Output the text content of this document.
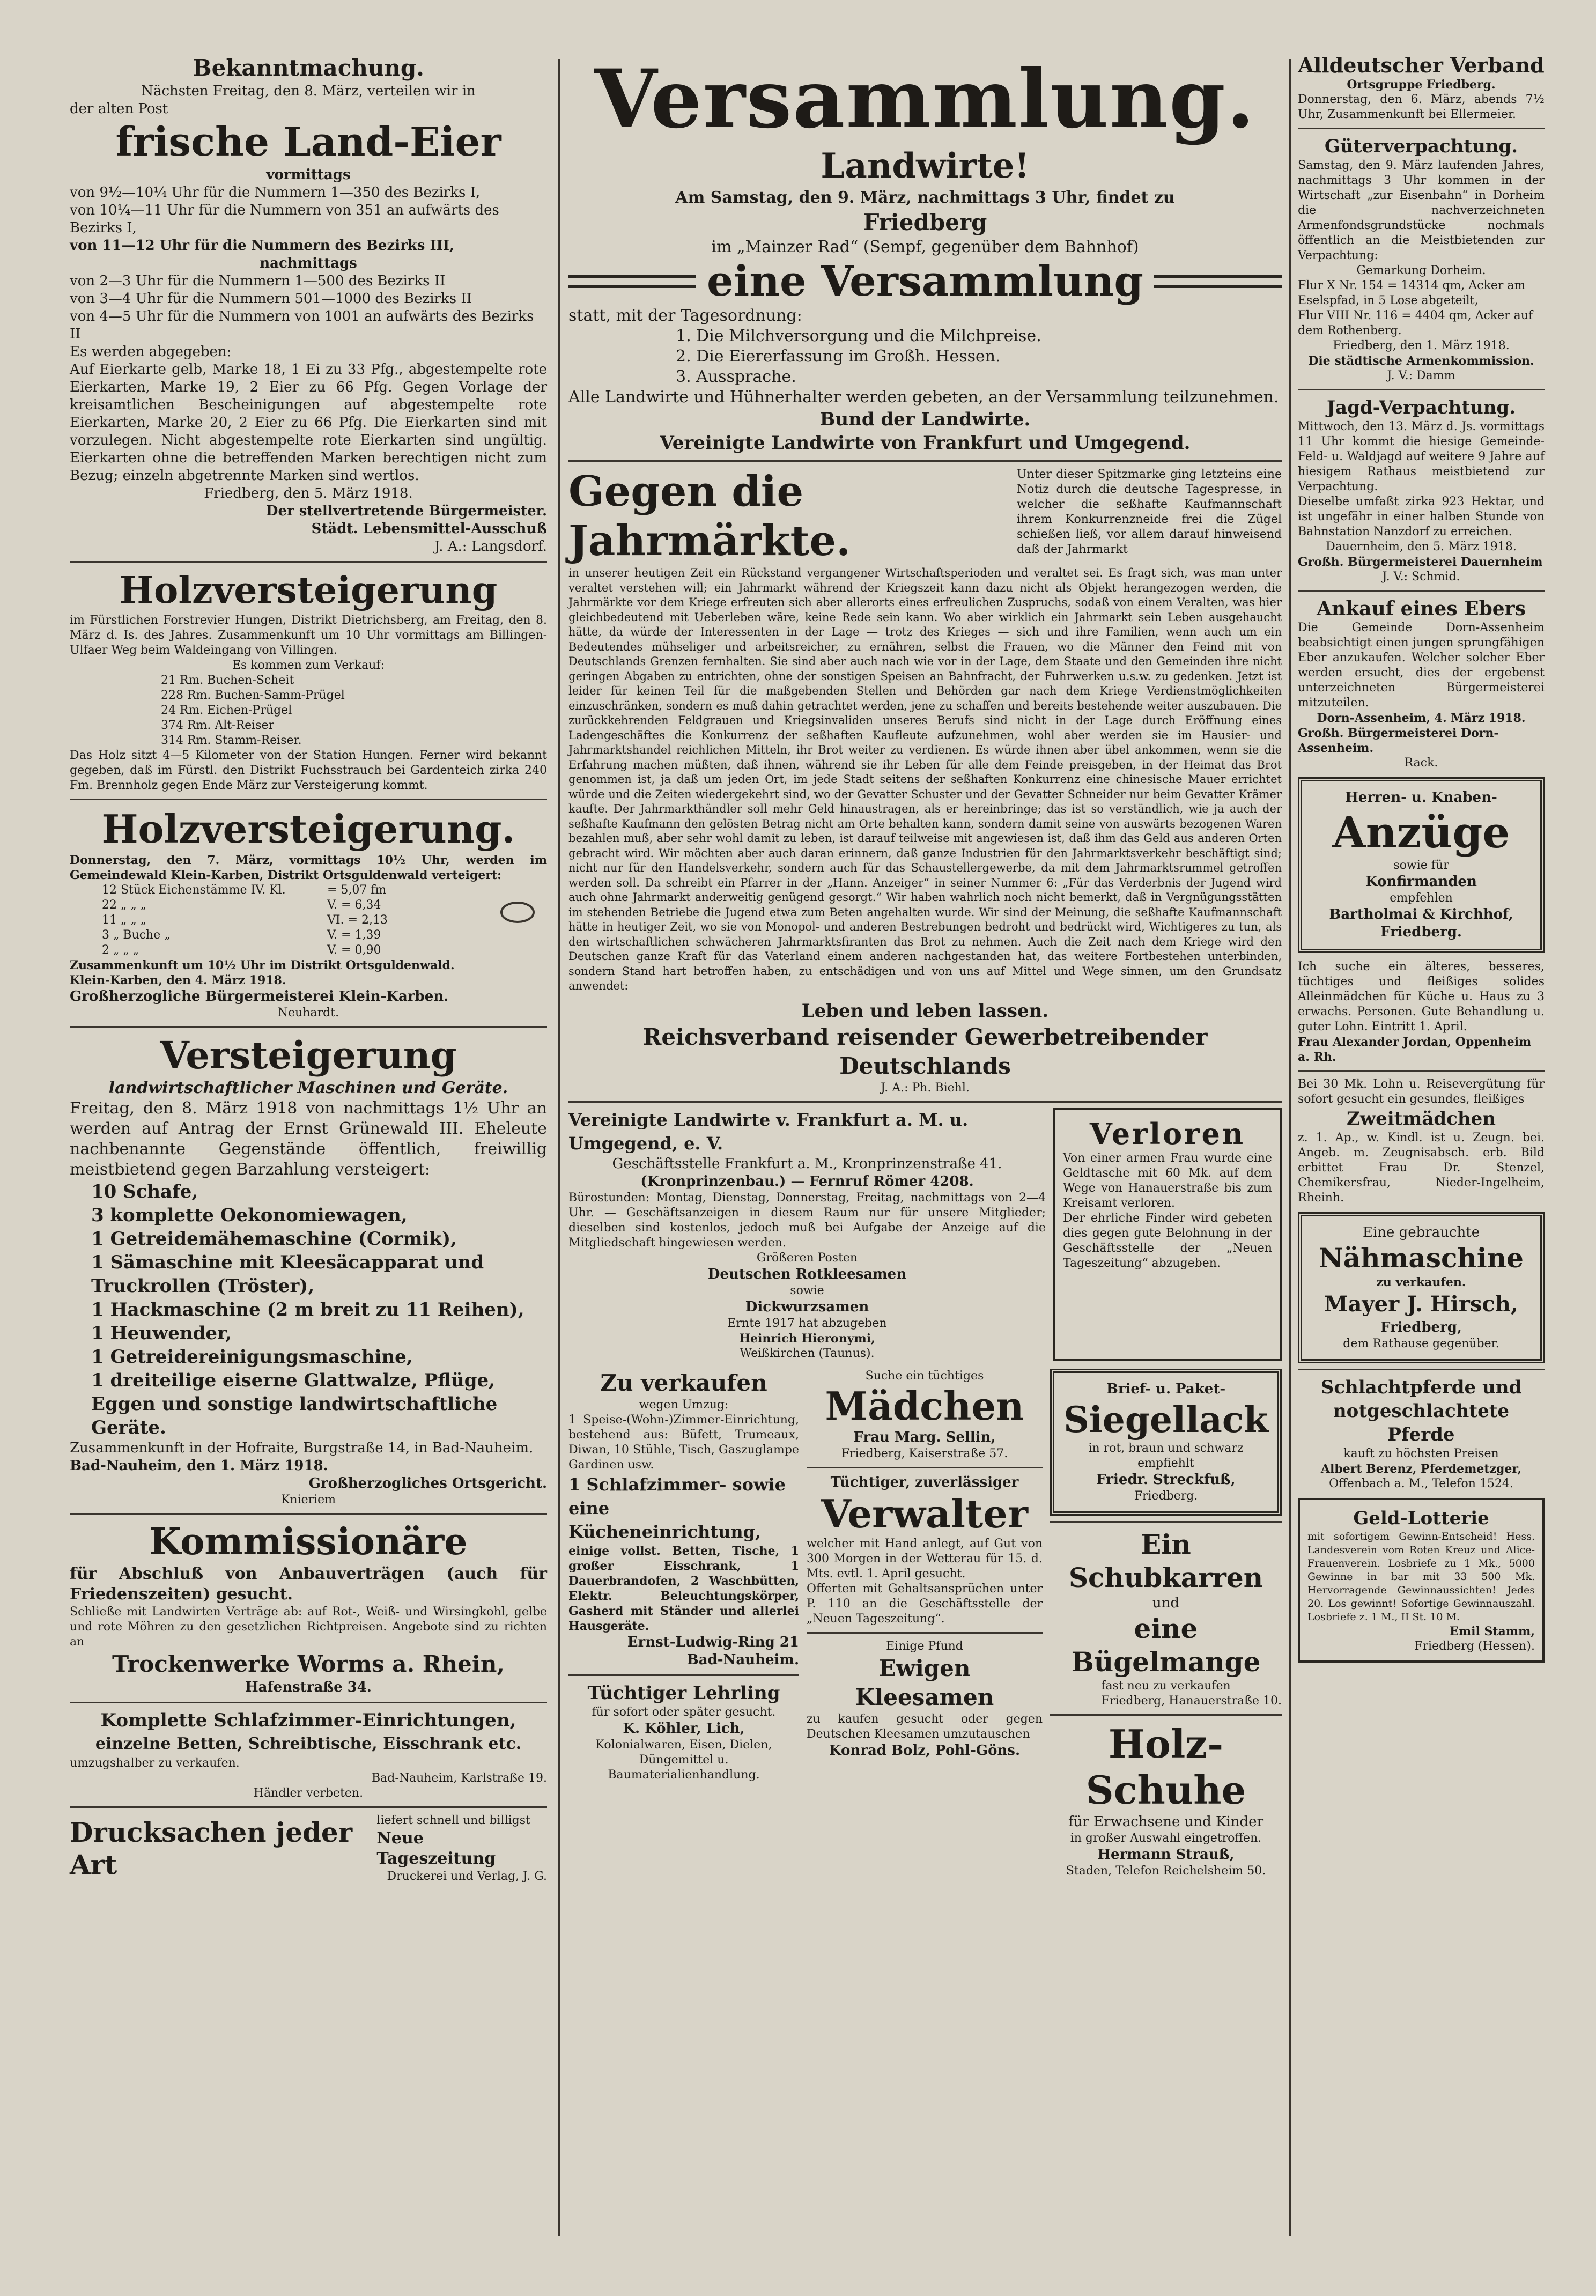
Bekanntmachung.

Nächsten Freitag, den 8. März, verteilen wir in

der alten Post

frische Land-Eier

vormittags

von 9½—10¼ Uhr für die Nummern 1—350 des Bezirks I,

von 10¼—11 Uhr für die Nummern von 351 an aufwärts des Bezirks I,

von 11—12 Uhr für die Nummern des Bezirks III,

nachmittags

von 2—3 Uhr für die Nummern 1—500 des Bezirks II

von 3—4 Uhr für die Nummern 501—1000 des Bezirks II

von 4—5 Uhr für die Nummern von 1001 an aufwärts des Bezirks II

Es werden abgegeben:

Auf Eierkarte gelb, Marke 18, 1 Ei zu 33 Pfg., abgestempelte rote Eierkarten, Marke 19, 2 Eier zu 66 Pfg. Gegen Vorlage der kreisamtlichen Bescheinigungen auf abgestempelte rote Eierkarten, Marke 20, 2 Eier zu 66 Pfg. Die Eierkarten sind mit vorzulegen. Nicht abgestempelte rote Eierkarten sind ungültig. Eierkarten ohne die betreffenden Marken berechtigen nicht zum Bezug; einzeln abgetrennte Marken sind wertlos.

Friedberg, den 5. März 1918.

Der stellvertretende Bürgermeister.

Städt. Lebensmittel-Ausschuß

J. A.: Langsdorf.

Holzversteigerung

im Fürstlichen Forstrevier Hungen, Distrikt Dietrichsberg, am Freitag, den 8. März d. Is. des Jahres. Zusammenkunft um 10 Uhr vormittags am Billingen-Ulfaer Weg beim Waldeingang von Villingen.

Es kommen zum Verkauf:

21 Rm. Buchen-Scheit

228 Rm. Buchen-Samm-Prügel

24 Rm. Eichen-Prügel

374 Rm. Alt-Reiser

314 Rm. Stamm-Reiser.

Das Holz sitzt 4—5 Kilometer von der Station Hungen. Ferner wird bekannt gegeben, daß im Fürstl. den Distrikt Fuchsstrauch bei Gardenteich zirka 240 Fm. Brennholz gegen Ende März zur Versteigerung kommt.

Holzversteigerung.

Donnerstag, den 7. März, vormittags 10½ Uhr, werden im Gemeindewald Klein-Karben, Distrikt Ortsguldenwald verteigert:

12 Stück Eichenstämme IV. Kl.	= 5,07 fm
22 „ „ „	V. = 6,34
11 „ „ „	VI. = 2,13
3 „ Buche „	V. = 1,39
2 „ „ „	V. = 0,90

Zusammenkunft um 10½ Uhr im Distrikt Ortsguldenwald.

Klein-Karben, den 4. März 1918.

Großherzogliche Bürgermeisterei Klein-Karben.

Neuhardt.

Versteigerung

landwirtschaftlicher Maschinen und Geräte.

Freitag, den 8. März 1918 von nachmittags 1½ Uhr an werden auf Antrag der Ernst Grünewald III. Eheleute nachbenannte Gegenstände öffentlich, freiwillig meistbietend gegen Barzahlung versteigert:

10 Schafe,

3 komplette Oekonomiewagen,

1 Getreidemähemaschine (Cormik),

1 Sämaschine mit Kleesäcapparat und Truckrollen (Tröster),

1 Hackmaschine (2 m breit zu 11 Reihen),

1 Heuwender,

1 Getreidereinigungsmaschine,

1 dreiteilige eiserne Glattwalze, Pflüge, Eggen und sonstige landwirtschaftliche Geräte.

Zusammenkunft in der Hofraite, Burgstraße 14, in Bad-Nauheim.

Bad-Nauheim, den 1. März 1918.

Großherzogliches Ortsgericht.

Knieriem

Kommissionäre

für Abschluß von Anbauverträgen (auch für Friedenszeiten) gesucht.

Schließe mit Landwirten Verträge ab: auf Rot-, Weiß- und Wirsingkohl, gelbe und rote Möhren zu den gesetzlichen Richtpreisen. Angebote sind zu richten an

Trockenwerke Worms a. Rhein,

Hafenstraße 34.

Komplette Schlafzimmer-Einrichtungen,

einzelne Betten, Schreibtische, Eisschrank etc.

umzugshalber zu verkaufen.

Bad-Nauheim, Karlstraße 19.

Händler verbeten.

Drucksachen jeder Art

liefert schnell und billigst

Neue Tageszeitung

Druckerei und Verlag, J. G.

Versammlung.

Landwirte!

Am Samstag, den 9. März, nachmittags 3 Uhr, findet zu

Friedberg

im „Mainzer Rad“ (Sempf, gegenüber dem Bahnhof)

eine Versammlung

statt, mit der Tagesordnung:

1. Die Milchversorgung und die Milchpreise.

2. Die Eiererfassung im Großh. Hessen.

3. Aussprache.

Alle Landwirte und Hühnerhalter werden gebeten, an der Versammlung teilzunehmen.

Bund der Landwirte.

Vereinigte Landwirte von Frankfurt und Umgegend.

Gegen die Jahrmärkte.

Unter dieser Spitzmarke ging letzteins eine Notiz durch die deutsche Tagespresse, in welcher die seßhafte Kaufmannschaft ihrem Konkurrenzneide frei die Zügel schießen ließ, vor allem darauf hinweisend daß der Jahrmarkt

in unserer heutigen Zeit ein Rückstand vergangener Wirtschaftsperioden und veraltet sei. Es fragt sich, was man unter veraltet verstehen will; ein Jahrmarkt während der Kriegszeit kann dazu nicht als Objekt herangezogen werden, die Jahrmärkte vor dem Kriege erfreuten sich aber allerorts eines erfreulichen Zuspruchs, sodaß von einem Veralten, was hier gleichbedeutend mit Ueberleben wäre, keine Rede sein kann. Wo aber wirklich ein Jahrmarkt sein Leben ausgehaucht hätte, da würde der Interessenten in der Lage — trotz des Krieges — sich und ihre Familien, wenn auch um ein Bedeutendes mühseliger und arbeitsreicher, zu ernähren, selbst die Frauen, wo die Männer den Feind mit von Deutschlands Grenzen fernhalten. Sie sind aber auch nach wie vor in der Lage, dem Staate und den Gemeinden ihre nicht geringen Abgaben zu entrichten, ohne der sonstigen Speisen an Bahnfracht, der Fuhrwerken u.s.w. zu gedenken. Jetzt ist leider für keinen Teil für die maßgebenden Stellen und Behörden gar nach dem Kriege Verdienstmöglichkeiten einzuschränken, sondern es muß dahin getrachtet werden, jene zu schaffen und bereits bestehende weiter auszubauen. Die zurückkehrenden Feldgrauen und Kriegsinvaliden unseres Berufs sind nicht in der Lage durch Eröffnung eines Ladengeschäftes die Konkurrenz der seßhaften Kaufleute aufzunehmen, wohl aber werden sie im Hausier- und Jahrmarktshandel reichlichen Mitteln, ihr Brot weiter zu verdienen. Es würde ihnen aber übel ankommen, wenn sie die Erfahrung machen müßten, daß ihnen, während sie ihr Leben für alle dem Feinde preisgeben, in der Heimat das Brot genommen ist, ja daß um jeden Ort, im jede Stadt seitens der seßhaften Konkurrenz eine chinesische Mauer errichtet würde und die Zeiten wiedergekehrt sind, wo der Gevatter Schuster und der Gevatter Schneider nur beim Gevatter Krämer kaufte. Der Jahrmarkthändler soll mehr Geld hinaustragen, als er hereinbringe; das ist so verständlich, wie ja auch der seßhafte Kaufmann den gelösten Betrag nicht am Orte behalten kann, sondern damit seine von auswärts bezogenen Waren bezahlen muß, aber sehr wohl damit zu leben, ist darauf teilweise mit angewiesen ist, daß ihm das Geld aus anderen Orten gebracht wird. Wir möchten aber auch daran erinnern, daß ganze Industrien für den Jahrmarktsverkehr beschäftigt sind; nicht nur für den Handelsverkehr, sondern auch für das Schaustellergewerbe, da mit dem Jahrmarktsrummel getroffen werden soll. Da schreibt ein Pfarrer in der „Hann. Anzeiger“ in seiner Nummer 6: „Für das Verderbnis der Jugend wird auch ohne Jahrmarkt anderweitig genügend gesorgt.“ Wir haben wahrlich noch nicht bemerkt, daß in Vergnügungsstätten im stehenden Betriebe die Jugend etwa zum Beten angehalten wurde. Wir sind der Meinung, die seßhafte Kaufmannschaft hätte in heutiger Zeit, wo sie von Monopol- und anderen Bestrebungen bedroht und bedrückt wird, Wichtigeres zu tun, als den wirtschaftlichen schwächeren Jahrmarktsfiranten das Brot zu nehmen. Auch die Zeit nach dem Kriege wird den Deutschen ganze Kraft für das Vaterland einem anderen nachgestanden hat, das weitere Fortbestehen unterbinden, sondern Stand hart betroffen haben, zu entschädigen und von uns auf Mittel und Wege sinnen, um den Grundsatz anwendet:

Leben und leben lassen.

Reichsverband reisender Gewerbetreibender Deutschlands

J. A.: Ph. Biehl.

Vereinigte Landwirte v. Frankfurt a. M. u. Umgegend, e. V.

Geschäftsstelle Frankfurt a. M., Kronprinzenstraße 41.

(Kronprinzenbau.) — Fernruf Römer 4208.

Bürostunden: Montag, Dienstag, Donnerstag, Freitag, nachmittags von 2—4 Uhr. — Geschäftsanzeigen in diesem Raum nur für unsere Mitglieder; dieselben sind kostenlos, jedoch muß bei Aufgabe der Anzeige auf die Mitgliedschaft hingewiesen werden.

Größeren Posten

Deutschen Rotkleesamen

sowie

Dickwurzsamen

Ernte 1917 hat abzugeben

Heinrich Hieronymi,

Weißkirchen (Taunus).

Verloren

Von einer armen Frau wurde eine Geldtasche mit 60 Mk. auf dem Wege von Hanauerstraße bis zum Kreisamt verloren.

Der ehrliche Finder wird gebeten dies gegen gute Belohnung in der Geschäftsstelle der „Neuen Tageszeitung“ abzugeben.

Zu verkaufen

wegen Umzug:

1 Speise-(Wohn-)Zimmer-Einrichtung, bestehend aus: Büfett, Trumeaux, Diwan, 10 Stühle, Tisch, Gaszuglampe Gardinen usw.

1 Schlafzimmer- sowie eine Kücheneinrichtung,

einige vollst. Betten, Tische, 1 großer Eisschrank, 1 Dauerbrandofen, 2 Waschbütten, Elektr. Beleuchtungskörper, Gasherd mit Ständer und allerlei Hausgeräte.

Ernst-Ludwig-Ring 21

Bad-Nauheim.

Tüchtiger Lehrling

für sofort oder später gesucht.

K. Köhler, Lich,

Kolonialwaren, Eisen, Dielen, Düngemittel u. Baumaterialienhandlung.

Suche ein tüchtiges

Mädchen

Frau Marg. Sellin,

Friedberg, Kaiserstraße 57.

Tüchtiger, zuverlässiger

Verwalter

welcher mit Hand anlegt, auf Gut von 300 Morgen in der Wetterau für 15. d. Mts. evtl. 1. April gesucht.

Offerten mit Gehaltsansprüchen unter P. 110 an die Geschäftsstelle der „Neuen Tageszeitung“.

Einige Pfund

Ewigen Kleesamen

zu kaufen gesucht oder gegen Deutschen Kleesamen umzutauschen

Konrad Bolz, Pohl-Göns.

Brief- u. Paket-

Siegellack

in rot, braun und schwarz empfiehlt

Friedr. Streckfuß,

Friedberg.

Ein Schubkarren

und

eine Bügelmange

fast neu zu verkaufen

Friedberg, Hanauerstraße 10.

Holz-Schuhe

für Erwachsene und Kinder

in großer Auswahl eingetroffen.

Hermann Strauß,

Staden, Telefon Reichelsheim 50.

Alldeutscher Verband

Ortsgruppe Friedberg.

Donnerstag, den 6. März, abends 7½ Uhr, Zusammenkunft bei Ellermeier.

Güterverpachtung.

Samstag, den 9. März laufenden Jahres, nachmittags 3 Uhr kommen in der Wirtschaft „zur Eisenbahn“ in Dorheim die nachverzeichneten Armenfondsgrundstücke nochmals öffentlich an die Meistbietenden zur Verpachtung:

Gemarkung Dorheim.

Flur X Nr. 154 = 14314 qm, Acker am Eselspfad, in 5 Lose abgeteilt,

Flur VIII Nr. 116 = 4404 qm, Acker auf dem Rothenberg.

Friedberg, den 1. März 1918.

Die städtische Armenkommission.

J. V.: Damm

Jagd-Verpachtung.

Mittwoch, den 13. März d. Js. vormittags 11 Uhr kommt die hiesige Gemeinde-Feld- u. Waldjagd auf weitere 9 Jahre auf hiesigem Rathaus meistbietend zur Verpachtung.

Dieselbe umfaßt zirka 923 Hektar, und ist ungefähr in einer halben Stunde von Bahnstation Nanzdorf zu erreichen.

Dauernheim, den 5. März 1918.

Großh. Bürgermeisterei Dauernheim

J. V.: Schmid.

Ankauf eines Ebers

Die Gemeinde Dorn-Assenheim beabsichtigt einen jungen sprungfähigen Eber anzukaufen. Welcher solcher Eber werden ersucht, dies der ergebenst unterzeichneten Bürgermeisterei mitzuteilen.

Dorn-Assenheim, 4. März 1918.

Großh. Bürgermeisterei Dorn-Assenheim.

Rack.

Herren- u. Knaben-

Anzüge

sowie für

Konfirmanden

empfehlen

Bartholmai & Kirchhof,

Friedberg.

Ich suche ein älteres, besseres, tüchtiges und fleißiges solides Alleinmädchen für Küche u. Haus zu 3 erwachs. Personen. Gute Behandlung u. guter Lohn. Eintritt 1. April.

Frau Alexander Jordan, Oppenheim a. Rh.

Bei 30 Mk. Lohn u. Reisevergütung für sofort gesucht ein gesundes, fleißiges

Zweitmädchen

z. 1. Ap., w. Kindl. ist u. Zeugn. bei. Angeb. m. Zeugnisabsch. erb. Bild erbittet Frau Dr. Stenzel, Chemikersfrau, Nieder-Ingelheim, Rheinh.

Eine gebrauchte

Nähmaschine

zu verkaufen.

Mayer J. Hirsch,

Friedberg,

dem Rathause gegenüber.

Schlachtpferde und notgeschlachtete Pferde

kauft zu höchsten Preisen

Albert Berenz, Pferdemetzger,

Offenbach a. M., Telefon 1524.

Geld-Lotterie

mit sofortigem Gewinn-Entscheid! Hess. Landesverein vom Roten Kreuz und Alice-Frauenverein. Losbriefe zu 1 Mk., 5000 Gewinne in bar mit 33 500 Mk. Hervorragende Gewinnaussichten! Jedes 20. Los gewinnt! Sofortige Gewinnauszahl. Losbriefe z. 1 M., II St. 10 M.

Emil Stamm,

Friedberg (Hessen).
